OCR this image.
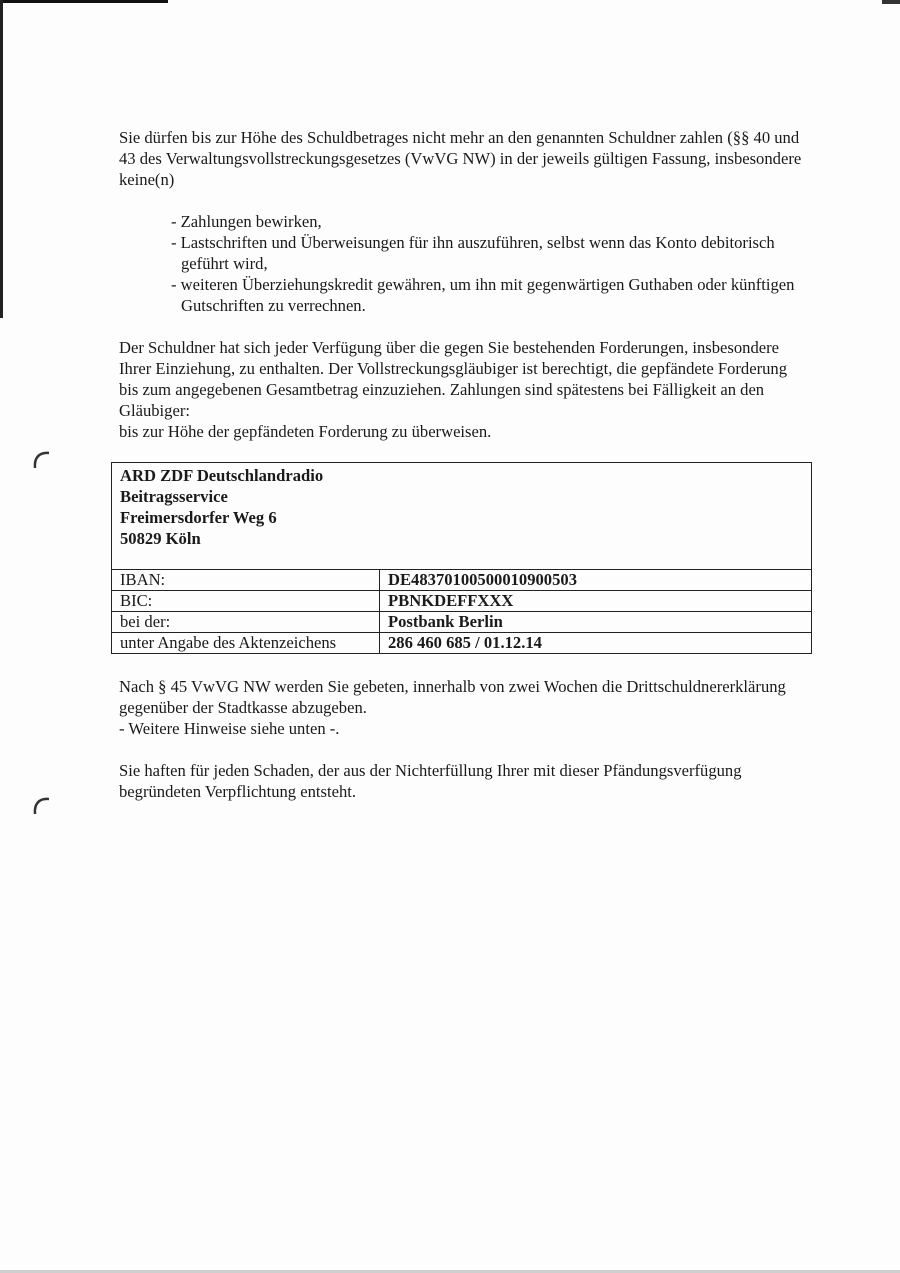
Sie dürfen bis zur Höhe des Schuldbetrages nicht mehr an den genannten Schuldner zahlen (§§ 40 und 43 des Verwaltungsvollstreckungsgesetzes (VwVG NW) in der jeweils gültigen Fassung, insbesondere keine(n)

- Zahlungen bewirken,
- Lastschriften und Überweisungen für ihn auszuführen, selbst wenn das Konto debitorisch geführt wird,
- weiteren Überziehungskredit gewähren, um ihn mit gegenwärtigen Guthaben oder künftigen Gutschriften zu verrechnen.
Der Schuldner hat sich jeder Verfügung über die gegen Sie bestehenden Forderungen, insbesondere Ihrer Einziehung, zu enthalten. Der Vollstreckungsgläubiger ist berechtigt, die gepfändete Forderung bis zum angegebenen Gesamtbetrag einzuziehen. Zahlungen sind spätestens bei Fälligkeit an den Gläubiger:
bis zur Höhe der gepfändeten Forderung zu überweisen.
ARD ZDF Deutschlandradio
Beitragsservice
Freimersdorfer Weg 6
50829 Köln	

IBAN:	DE48370100500010900503
BIC:	PBNKDEFFXXX
bei der:	Postbank Berlin
unter Angabe des Aktenzeichens	286 460 685 / 01.12.14
Nach § 45 VwVG NW werden Sie gebeten, innerhalb von zwei Wochen die Drittschuldnererklärung gegenüber der Stadtkasse abzugeben.
- Weitere Hinweise siehe unten -.

Sie haften für jeden Schaden, der aus der Nichterfüllung Ihrer mit dieser Pfändungsverfügung begründeten Verpflichtung entsteht.
